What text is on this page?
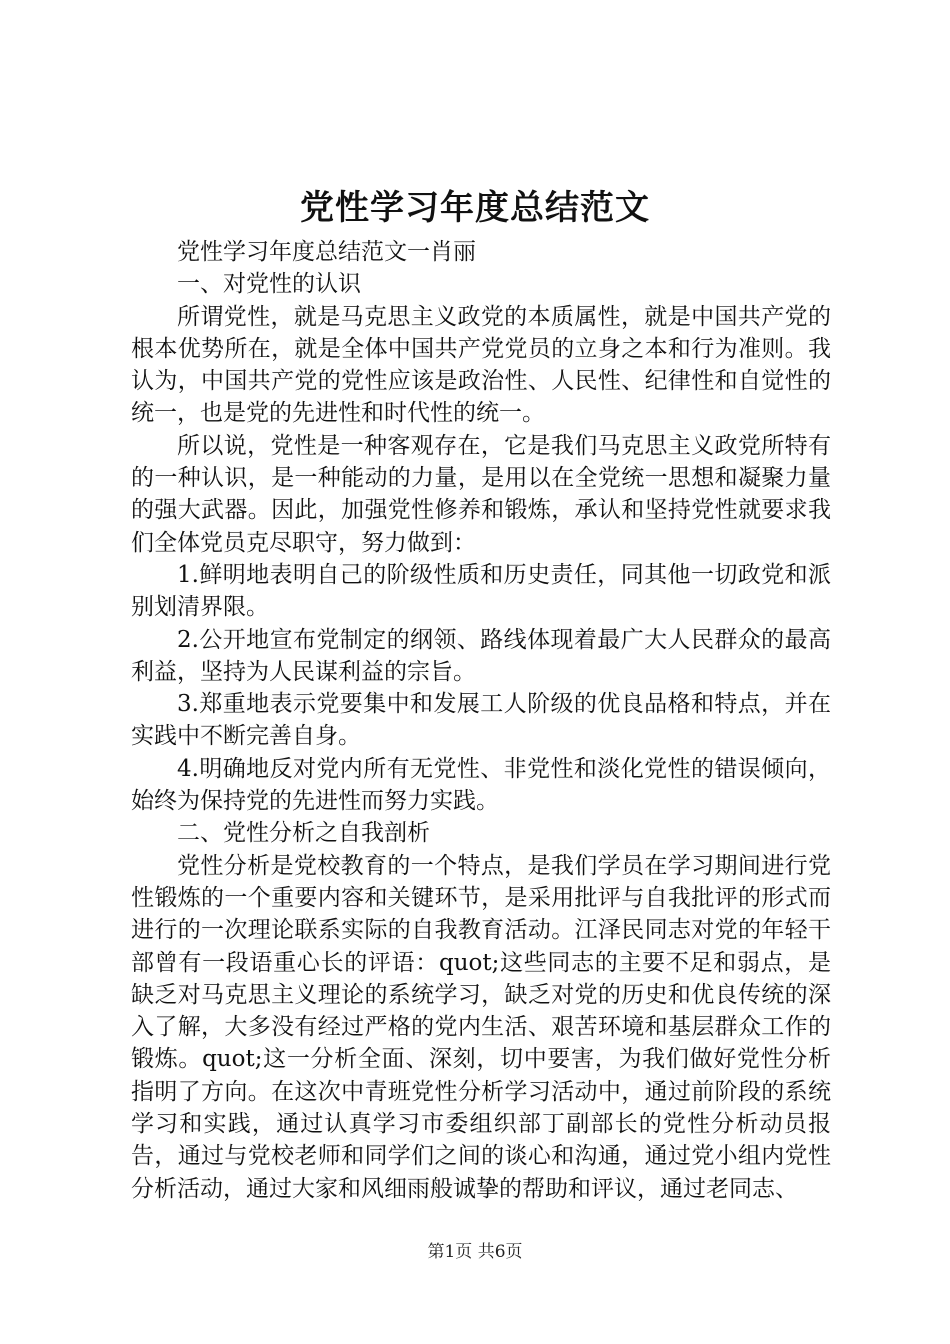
党性学习年度总结范文

党性学习年度总结范文一肖丽

一、对党性的认识

所谓党性，就是马克思主义政党的本质属性，就是中国共产党的根本优势所在，就是全体中国共产党党员的立身之本和行为准则。我认为，中国共产党的党性应该是政治性、人民性、纪律性和自觉性的统一，也是党的先进性和时代性的统一。

所以说，党性是一种客观存在，它是我们马克思主义政党所特有的一种认识，是一种能动的力量，是用以在全党统一思想和凝聚力量的强大武器。因此，加强党性修养和锻炼，承认和坚持党性就要求我们全体党员克尽职守，努力做到：

1.鲜明地表明自己的阶级性质和历史责任，同其他一切政党和派别划清界限。

2.公开地宣布党制定的纲领、路线体现着最广大人民群众的最高利益，坚持为人民谋利益的宗旨。

3.郑重地表示党要集中和发展工人阶级的优良品格和特点，并在实践中不断完善自身。

4.明确地反对党内所有无党性、非党性和淡化党性的错误倾向，始终为保持党的先进性而努力实践。

二、党性分析之自我剖析

党性分析是党校教育的一个特点，是我们学员在学习期间进行党性锻炼的一个重要内容和关键环节，是采用批评与自我批评的形式而进行的一次理论联系实际的自我教育活动。江泽民同志对党的年轻干部曾有一段语重心长的评语：quot;这些同志的主要不足和弱点，是缺乏对马克思主义理论的系统学习，缺乏对党的历史和优良传统的深入了解，大多没有经过严格的党内生活、艰苦环境和基层群众工作的锻炼。quot;这一分析全面、深刻，切中要害，为我们做好党性分析指明了方向。在这次中青班党性分析学习活动中，通过前阶段的系统学习和实践，通过认真学习市委组织部丁副部长的党性分析动员报告，通过与党校老师和同学们之间的谈心和沟通，通过党小组内党性分析活动，通过大家和风细雨般诚挚的帮助和评议，通过老同志、

第1页 共6页
